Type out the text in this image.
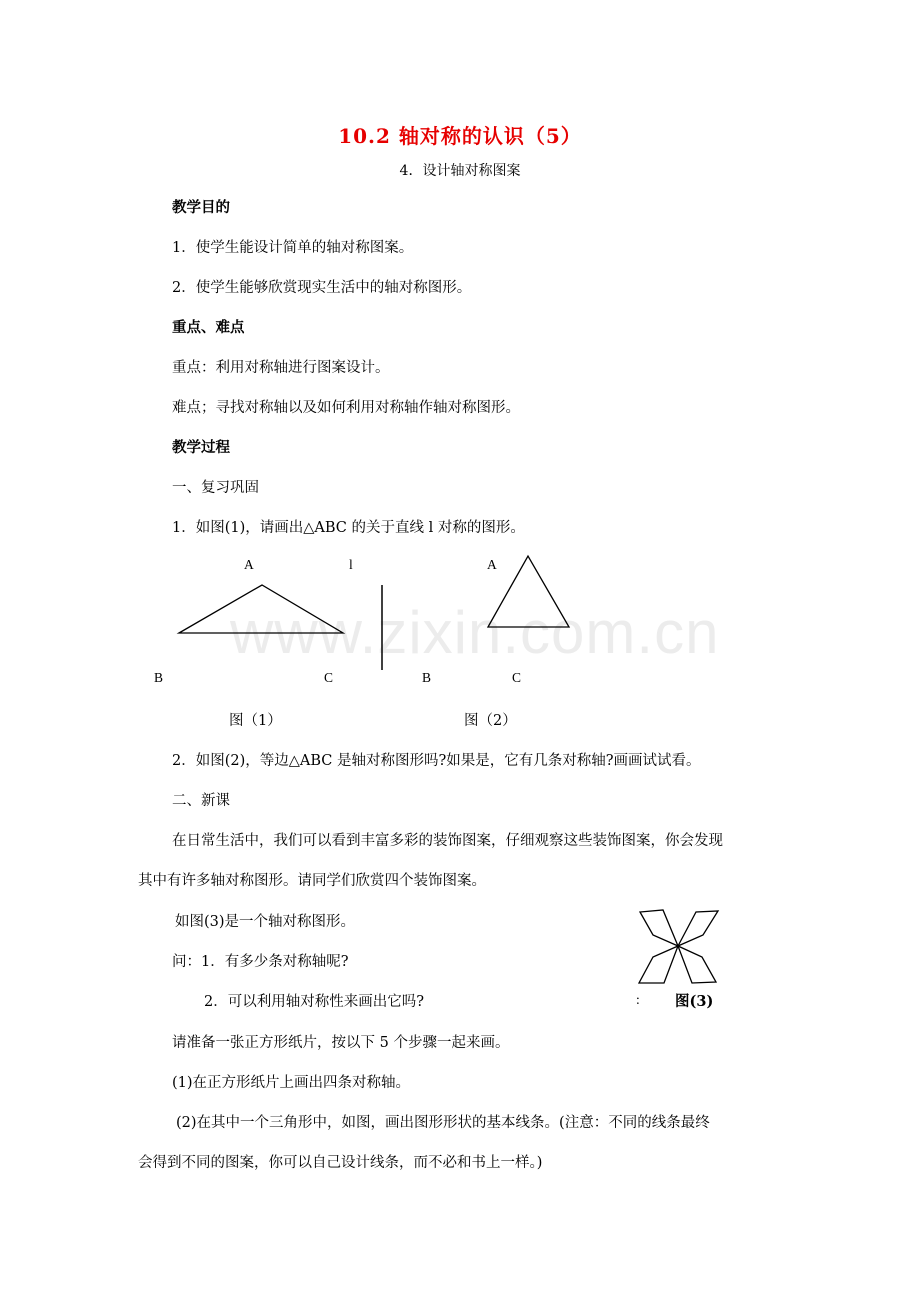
www.zixin.com.cn
10.2 轴对称的认识（5）
4．设计轴对称图案
教学目的
1．使学生能设计简单的轴对称图案。
2．使学生能够欣赏现实生活中的轴对称图形。
重点、难点
重点：利用对称轴进行图案设计。
难点；寻找对称轴以及如何利用对称轴作轴对称图形。
教学过程
一、复习巩固
1．如图(1)，请画出△ABC 的关于直线 l 对称的图形。
A	l
B	C
图（1）
A
B	C
图（2）
2．如图(2)，等边△ABC 是轴对称图形吗?如果是，它有几条对称轴?画画试试看。
二、新课
在日常生活中，我们可以看到丰富多彩的装饰图案，仔细观察这些装饰图案，你会发现
其中有许多轴对称图形。请同学们欣赏四个装饰图案。
如图(3)是一个轴对称图形。
问：1．有多少条对称轴呢?
2．可以利用轴对称性来画出它吗?	: 图(3)
请准备一张正方形纸片，按以下 5 个步骤一起来画。
(1)在正方形纸片上画出四条对称轴。
(2)在其中一个三角形中，如图，画出图形形状的基本线条。(注意：不同的线条最终
会得到不同的图案，你可以自己设计线条，而不必和书上一样。)
